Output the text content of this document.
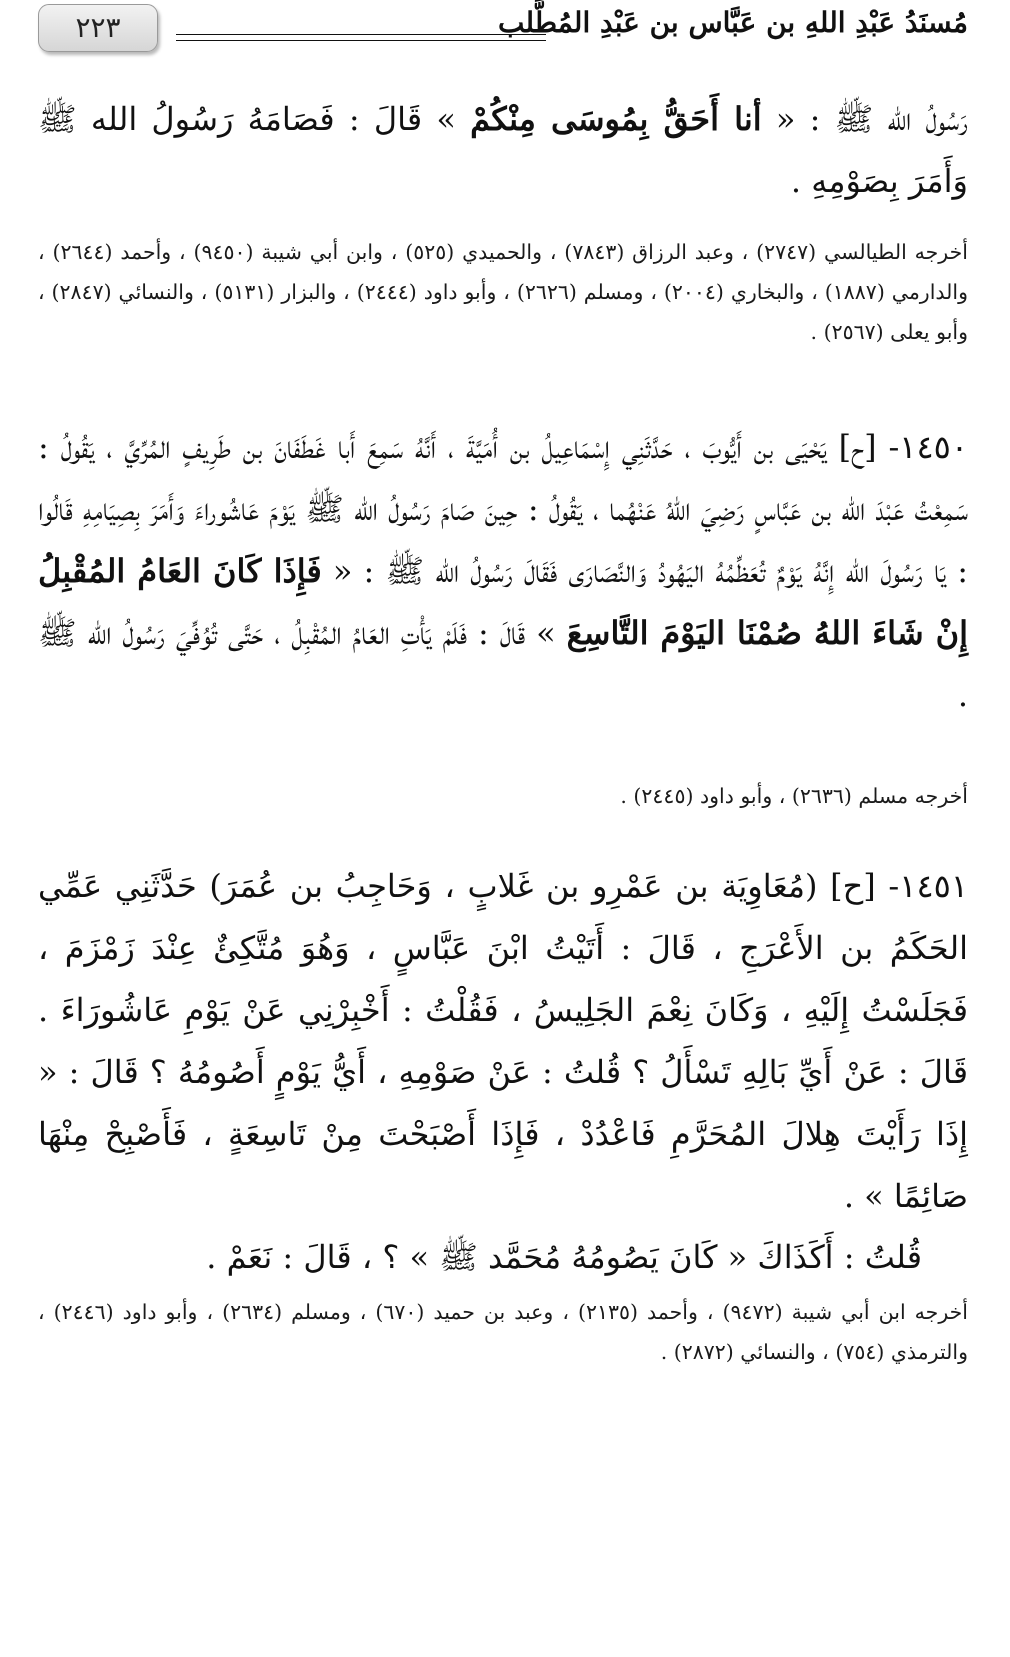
٢٢٣	مُسنَدُ عَبْدِ اللهِ بن عَبَّاس بن عَبْدِ المُطَّلب
رَسُولُ الله ﷺ : « أنا أَحَقُّ بِمُوسَى مِنْكُمْ » قَالَ : فَصَامَهُ رَسُولُ الله ﷺ وَأَمَرَ بِصَوْمِهِ .
أخرجه الطيالسي (٢٧٤٧) ، وعبد الرزاق (٧٨٤٣) ، والحميدي (٥٢٥) ، وابن أبي شيبة (٩٤٥٠) ، وأحمد (٢٦٤٤) ، والدارمي (١٨٨٧) ، والبخاري (٢٠٠٤) ، ومسلم (٢٦٢٦) ، وأبو داود (٢٤٤٤) ، والبزار (٥١٣١) ، والنسائي (٢٨٤٧) ، وأبو يعلى (٢٥٦٧) .
١٤٥٠- [ح] يَحْيَى بن أَيُّوبَ ، حَدَّثَنِي إِسْمَاعِيلُ بن أُمَيَّةَ ، أَنَّهُ سَمِعَ أَبا غَطَفَانَ بن طَرِيفٍ المُرِّيَّ ، يَقُولُ : سَمِعْتُ عَبْدَ الله بن عَبَّاسٍ رَضِيَ اللهُ عَنْهُما ، يَقُولُ : حِينَ صَامَ رَسُولُ الله ﷺ يَوْمَ عَاشُوراءَ وَأَمَرَ بِصِيَامِهِ قَالُوا : يَا رَسُولَ الله إِنَّهُ يَوْمٌ تُعَظِّمُهُ اليَهُودُ وَالنَّصَارَى فَقَالَ رَسُولُ الله ﷺ : « فَإِذَا كَانَ العَامُ المُقْبِلُ إِنْ شَاءَ اللهُ صُمْنَا اليَوْمَ التَّاسِعَ » قَالَ : فَلَمْ يَأْتِ العَامُ المُقْبِلُ ، حَتَّى تُوُفِّيَ رَسُولُ الله ﷺ .
أخرجه مسلم (٢٦٣٦) ، وأبو داود (٢٤٤٥) .
١٤٥١- [ح] (مُعَاوِيَة بن عَمْرِو بن غَلابٍ ، وَحَاجِبُ بن عُمَرَ) حَدَّثَنِي عَمِّي الحَكَمُ بن الأَعْرَجِ ، قَالَ : أَتَيْتُ ابْنَ عَبَّاسٍ ، وَهُوَ مُتَّكِئٌ عِنْدَ زَمْزَمَ ، فَجَلَسْتُ إِلَيْهِ ، وَكَانَ نِعْمَ الجَلِيسُ ، فَقُلْتُ : أَخْبِرْنِي عَنْ يَوْمِ عَاشُورَاءَ . قَالَ : عَنْ أَيِّ بَالِهِ تَسْأَلُ ؟ قُلتُ : عَنْ صَوْمِهِ ، أَيُّ يَوْمٍ أَصُومُهُ ؟ قَالَ : « إِذَا رَأَيْتَ هِلالَ المُحَرَّمِ فَاعْدُدْ ، فَإِذَا أَصْبَحْتَ مِنْ تَاسِعَةٍ ، فَأَصْبِحْ مِنْهَا صَائِمًا » .
قُلتُ : أَكَذَاكَ « كَانَ يَصُومُهُ مُحَمَّد ﷺ » ؟ ، قَالَ : نَعَمْ .
أخرجه ابن أبي شيبة (٩٤٧٢) ، وأحمد (٢١٣٥) ، وعبد بن حميد (٦٧٠) ، ومسلم (٢٦٣٤) ، وأبو داود (٢٤٤٦) ، والترمذي (٧٥٤) ، والنسائي (٢٨٧٢) .
